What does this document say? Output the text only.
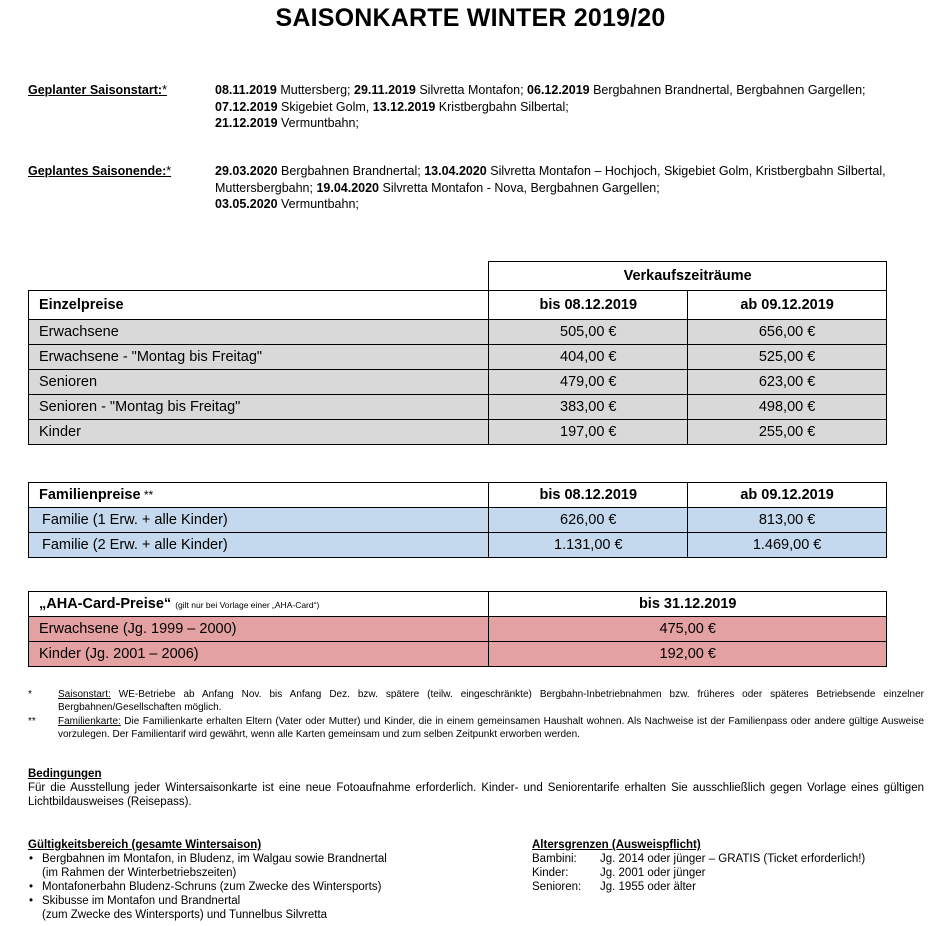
SAISONKARTE WINTER 2019/20
Geplanter Saisonstart:*	08.11.2019 Muttersberg; 29.11.2019 Silvretta Montafon; 06.12.2019 Bergbahnen Brandnertal, Bergbahnen Gargellen; 07.12.2019 Skigebiet Golm, 13.12.2019 Kristbergbahn Silbertal;
21.12.2019 Vermuntbahn;
Geplantes Saisonende:*	29.03.2020 Bergbahnen Brandnertal; 13.04.2020 Silvretta Montafon – Hochjoch, Skigebiet Golm, Kristbergbahn Silbertal, Muttersbergbahn; 19.04.2020 Silvretta Montafon - Nova, Bergbahnen Gargellen;
03.05.2020 Vermuntbahn;
	Verkaufszeiträume	
Einzelpreise	bis 08.12.2019	ab 09.12.2019
Erwachsene	505,00 €	656,00 €
Erwachsene - "Montag bis Freitag"	404,00 €	525,00 €
Senioren	479,00 €	623,00 €
Senioren - "Montag bis Freitag"	383,00 €	498,00 €
Kinder	197,00 €	255,00 €
Familienpreise **	bis 08.12.2019	ab 09.12.2019
Familie (1 Erw. + alle Kinder)	626,00 €	813,00 €
Familie (2 Erw. + alle Kinder)	1.131,00 €	1.469,00 €
„AHA-Card-Preise“ (gilt nur bei Vorlage einer „AHA-Card“)	bis 31.12.2019
Erwachsene (Jg. 1999 – 2000)	475,00 €
Kinder (Jg. 2001 – 2006)	192,00 €
*	Saisonstart: WE-Betriebe ab Anfang Nov. bis Anfang Dez. bzw. spätere (teilw. eingeschränkte) Bergbahn-Inbetriebnahmen bzw. früheres oder späteres Betriebsende einzelner Bergbahnen/Gesellschaften möglich.
** Familienkarte: Die Familienkarte erhalten Eltern (Vater oder Mutter) und Kinder, die in einem gemeinsamen Haushalt wohnen. Als Nachweise ist der Familienpass oder andere gültige Ausweise vorzulegen. Der Familientarif wird gewährt, wenn alle Karten gemeinsam und zum selben Zeitpunkt erworben werden.
Bedingungen
Für die Ausstellung jeder Wintersaisonkarte ist eine neue Fotoaufnahme erforderlich. Kinder- und Seniorentarife erhalten Sie ausschließlich gegen Vorlage eines gültigen Lichtbildausweises (Reisepass).
Gültigkeitsbereich (gesamte Wintersaison)
• Bergbahnen im Montafon, in Bludenz, im Walgau sowie Brandnertal
(im Rahmen der Winterbetriebszeiten)
• Montafonerbahn Bludenz-Schruns (zum Zwecke des Wintersports)
• Skibusse im Montafon und Brandnertal
(zum Zwecke des Wintersports) und Tunnelbus Silvretta
Altersgrenzen (Ausweispflicht)
Bambini:	Jg. 2014 oder jünger – GRATIS (Ticket erforderlich!)
Kinder:	Jg. 2001 oder jünger
Senioren:	Jg. 1955 oder älter
